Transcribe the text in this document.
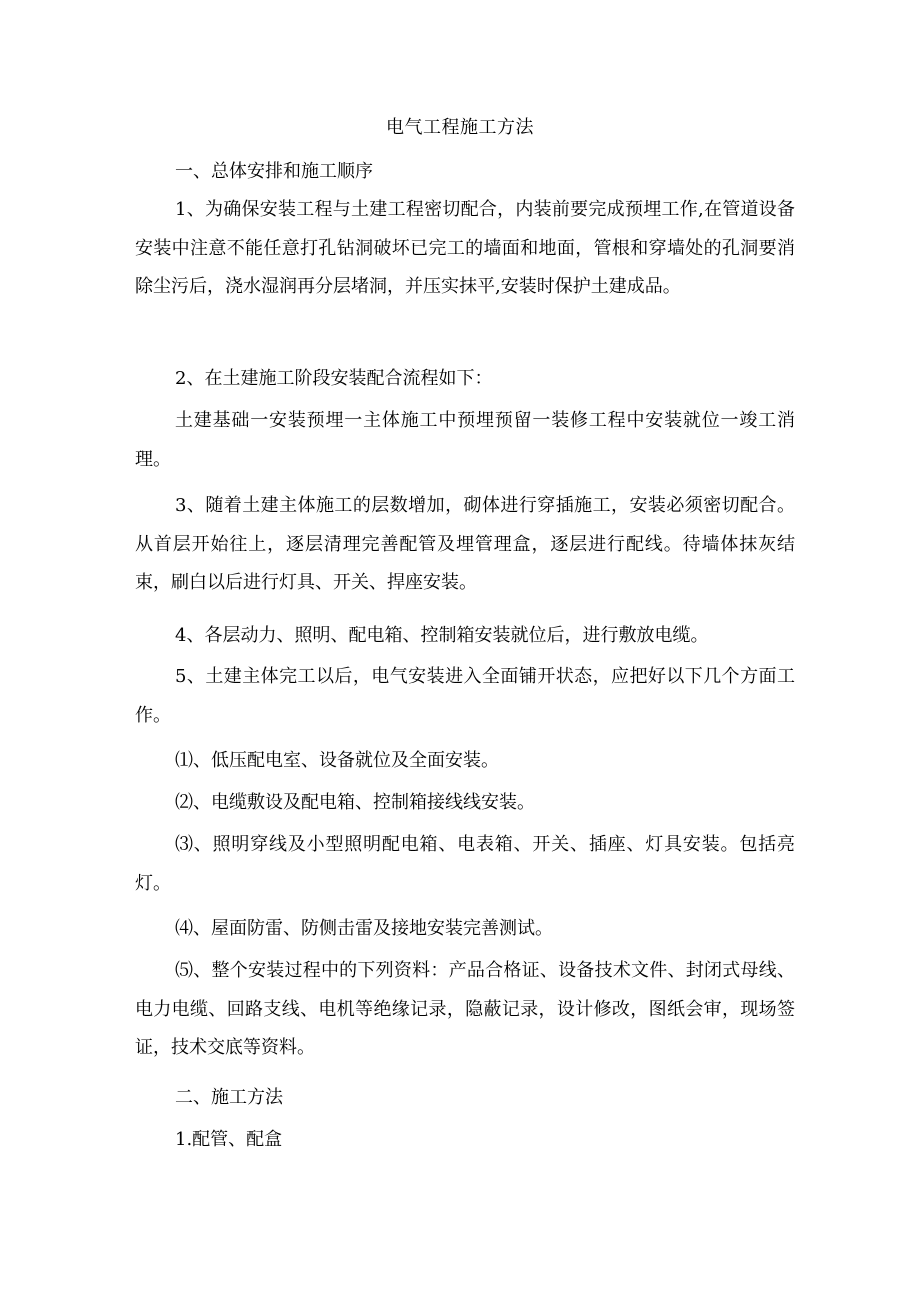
电气工程施工方法

一、总体安排和施工顺序

1、为确保安装工程与土建工程密切配合，内装前要完成预埋工作,在管道设备安装中注意不能任意打孔钻洞破坏已完工的墙面和地面，管根和穿墙处的孔洞要消除尘污后，浇水湿润再分层堵洞，并压实抹平,安装时保护土建成品。

2、在土建施工阶段安装配合流程如下：

土建基础一安装预埋一主体施工中预埋预留一装修工程中安装就位一竣工消理。

3、随着土建主体施工的层数增加，砌体进行穿插施工，安装必须密切配合。从首层开始往上，逐层清理完善配管及埋管理盒，逐层进行配线。待墙体抹灰结束，刷白以后进行灯具、开关、捍座安装。

4、各层动力、照明、配电箱、控制箱安装就位后，进行敷放电缆。

5、土建主体完工以后，电气安装进入全面铺开状态，应把好以下几个方面工作。

⑴、低压配电室、设备就位及全面安装。

⑵、电缆敷设及配电箱、控制箱接线线安装。

⑶、照明穿线及小型照明配电箱、电表箱、开关、插座、灯具安装。包括亮灯。

⑷、屋面防雷、防侧击雷及接地安装完善测试。

⑸、整个安装过程中的下列资料：产品合格证、设备技术文件、封闭式母线、电力电缆、回路支线、电机等绝缘记录，隐蔽记录，设计修改，图纸会审，现场签证，技术交底等资料。

二、施工方法

1.配管、配盒
